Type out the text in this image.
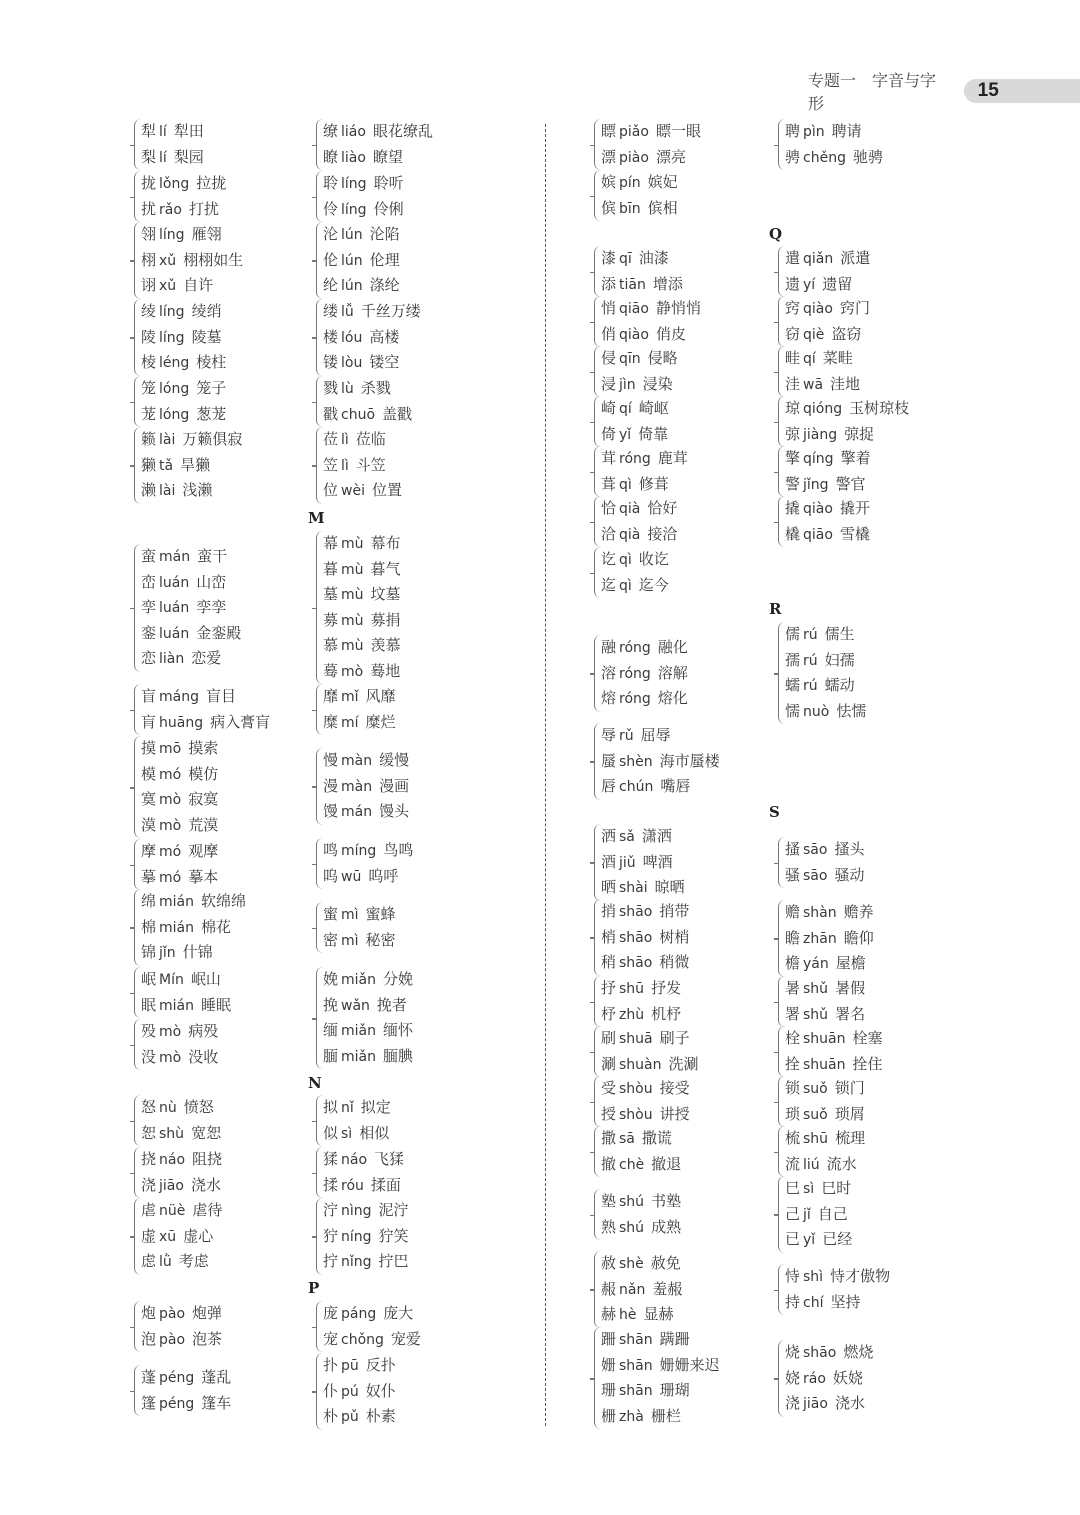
专题一　字音与字形
15
M
N
P
Q
R
S
犁 lí 犁田
梨 lí 梨园
拢 lǒng 拉拢
扰 rǎo 打扰
翎 líng 雁翎
栩 xǔ 栩栩如生
诩 xǔ 自许
绫 líng 绫绡
陵 líng 陵墓
棱 léng 棱柱
笼 lóng 笼子
茏 lóng 葱茏
籁 lài 万籁俱寂
獭 tǎ 旱獭
濑 lài 浅濑
蛮 mán 蛮干
峦 luán 山峦
孪 luán 孪孪
銮 luán 金銮殿
恋 liàn 恋爱
盲 máng 盲目
肓 huāng 病入膏肓
摸 mō 摸索
模 mó 模仿
寞 mò 寂寞
漠 mò 荒漠
摩 mó 观摩
摹 mó 摹本
绵 mián 软绵绵
棉 mián 棉花
锦 jǐn 什锦
岷 Mín 岷山
眠 mián 睡眠
殁 mò 病殁
没 mò 没收
怒 nù 愤怒
恕 shù 宽恕
挠 náo 阻挠
浇 jiāo 浇水
虐 nüè 虐待
虚 xū 虚心
虑 lǜ 考虑
炮 pào 炮弹
泡 pào 泡茶
蓬 péng 蓬乱
篷 péng 篷车
缭 liáo 眼花缭乱
瞭 liào 瞭望
聆 líng 聆听
伶 líng 伶俐
沦 lún 沦陷
伦 lún 伦理
纶 lún 涤纶
缕 lǚ 千丝万缕
楼 lóu 高楼
镂 lòu 镂空
戮 lù 杀戮
戳 chuō 盖戳
莅 lì 莅临
笠 lì 斗笠
位 wèi 位置
幕 mù 幕布
暮 mù 暮气
墓 mù 坟墓
募 mù 募捐
慕 mù 羡慕
蓦 mò 蓦地
靡 mǐ 风靡
糜 mí 糜烂
慢 màn 缓慢
漫 màn 漫画
馒 mán 馒头
鸣 míng 鸟鸣
呜 wū 呜呼
蜜 mì 蜜蜂
密 mì 秘密
娩 miǎn 分娩
挽 wǎn 挽者
缅 miǎn 缅怀
腼 miǎn 腼腆
拟 nǐ 拟定
似 sì 相似
猱 náo 飞猱
揉 róu 揉面
泞 nìng 泥泞
狞 níng 狞笑
拧 nǐng 拧巴
庞 páng 庞大
宠 chǒng 宠爱
扑 pū 反扑
仆 pú 奴仆
朴 pǔ 朴素
瞟 piǎo 瞟一眼
漂 piào 漂亮
嫔 pín 嫔妃
傧 bīn 傧相
漆 qī 油漆
添 tiān 增添
悄 qiāo 静悄悄
俏 qiào 俏皮
侵 qīn 侵略
浸 jìn 浸染
崎 qí 崎岖
倚 yǐ 倚靠
茸 róng 鹿茸
葺 qì 修葺
恰 qià 恰好
洽 qià 接洽
讫 qì 收讫
迄 qì 迄今
融 róng 融化
溶 róng 溶解
熔 róng 熔化
辱 rǔ 屈辱
蜃 shèn 海市蜃楼
唇 chún 嘴唇
洒 sǎ 潇洒
酒 jiǔ 啤酒
晒 shài 晾晒
捎 shāo 捎带
梢 shāo 树梢
稍 shāo 稍微
抒 shū 抒发
杼 zhù 机杼
刷 shuā 刷子
涮 shuàn 洗涮
受 shòu 接受
授 shòu 讲授
撒 sā 撒谎
撤 chè 撤退
塾 shú 书塾
熟 shú 成熟
赦 shè 赦免
赧 nǎn 羞赧
赫 hè 显赫
跚 shān 蹒跚
姗 shān 姗姗来迟
珊 shān 珊瑚
栅 zhà 栅栏
聘 pìn 聘请
骋 chěng 驰骋
遣 qiǎn 派遣
遗 yí 遗留
窍 qiào 窍门
窃 qiè 盗窃
畦 qí 菜畦
洼 wā 洼地
琼 qióng 玉树琼枝
弶 jiàng 弶捉
擎 qíng 擎着
警 jǐng 警官
撬 qiào 撬开
橇 qiāo 雪橇
儒 rú 儒生
孺 rú 妇孺
蠕 rú 蠕动
懦 nuò 怯懦
搔 sāo 搔头
骚 sāo 骚动
赡 shàn 赡养
瞻 zhān 瞻仰
檐 yán 屋檐
暑 shǔ 暑假
署 shǔ 署名
栓 shuān 栓塞
拴 shuān 拴住
锁 suǒ 锁门
琐 suǒ 琐屑
梳 shū 梳理
流 liú 流水
巳 sì 巳时
己 jǐ 自己
已 yǐ 已经
恃 shì 恃才傲物
持 chí 坚持
烧 shāo 燃烧
娆 ráo 妖娆
浇 jiāo 浇水
